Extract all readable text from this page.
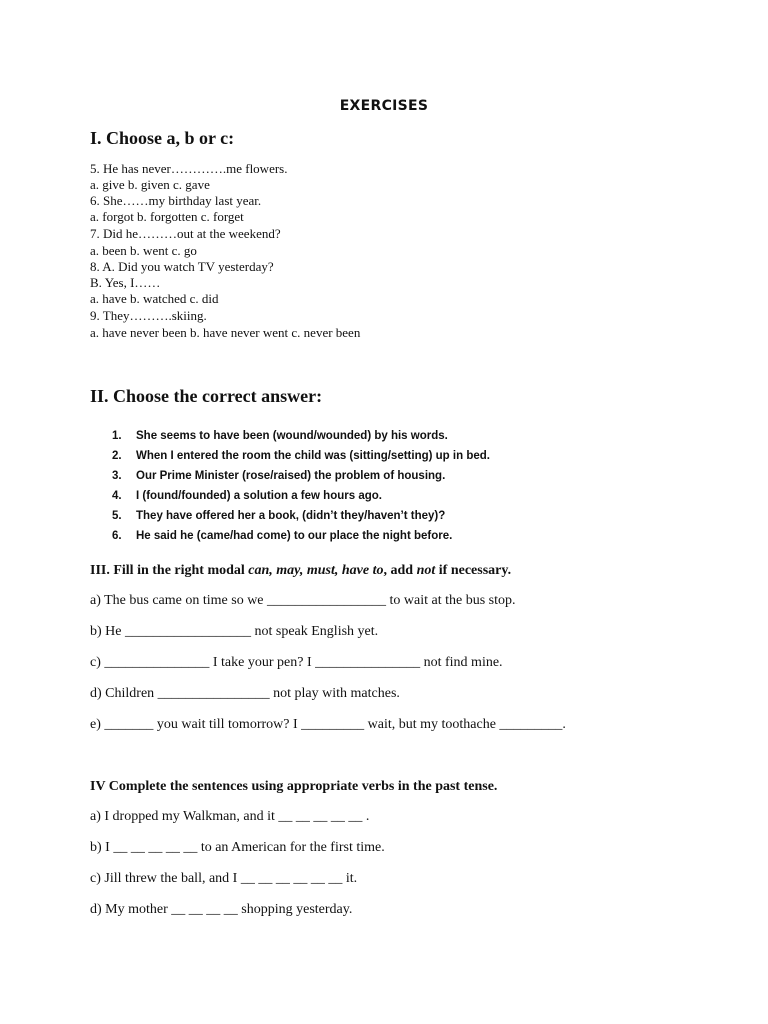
EXERCISES
I. Choose a, b or c:
5. He has never………….me flowers.
a. give b. given c. gave
6. She……my birthday last year.
a. forgot b. forgotten c. forget
7. Did he………out at the weekend?
a. been b. went c. go
8. A. Did you watch TV yesterday?
B. Yes, I……
a. have b. watched c. did
9. They……….skiing.
a. have never been b. have never went c. never been
II. Choose the correct answer:
1. She seems to have been (wound/wounded) by his words.
2. When I entered the room the child was (sitting/setting) up in bed.
3. Our Prime Minister (rose/raised) the problem of housing.
4. I (found/founded) a solution a few hours ago.
5. They have offered her a book, (didn’t they/haven’t they)?
6. He said he (came/had come) to our place the night before.
III. Fill in the right modal can, may, must, have to, add not if necessary.
a) The bus came on time so we _________________ to wait at the bus stop.
b) He __________________ not speak English yet.
c) _______________ I take your pen? I _______________ not find mine.
d) Children ________________ not play with matches.
e) _______ you wait till tomorrow? I _________ wait, but my toothache _________.
IV Complete the sentences using appropriate verbs in the past tense.
a) I dropped my Walkman, and it __ __ __ __ __ .
b) I __ __ __ __ __ to an American for the first time.
c) Jill threw the ball, and I __ __ __ __ __ __ it.
d) My mother __ __ __ __ shopping yesterday.
